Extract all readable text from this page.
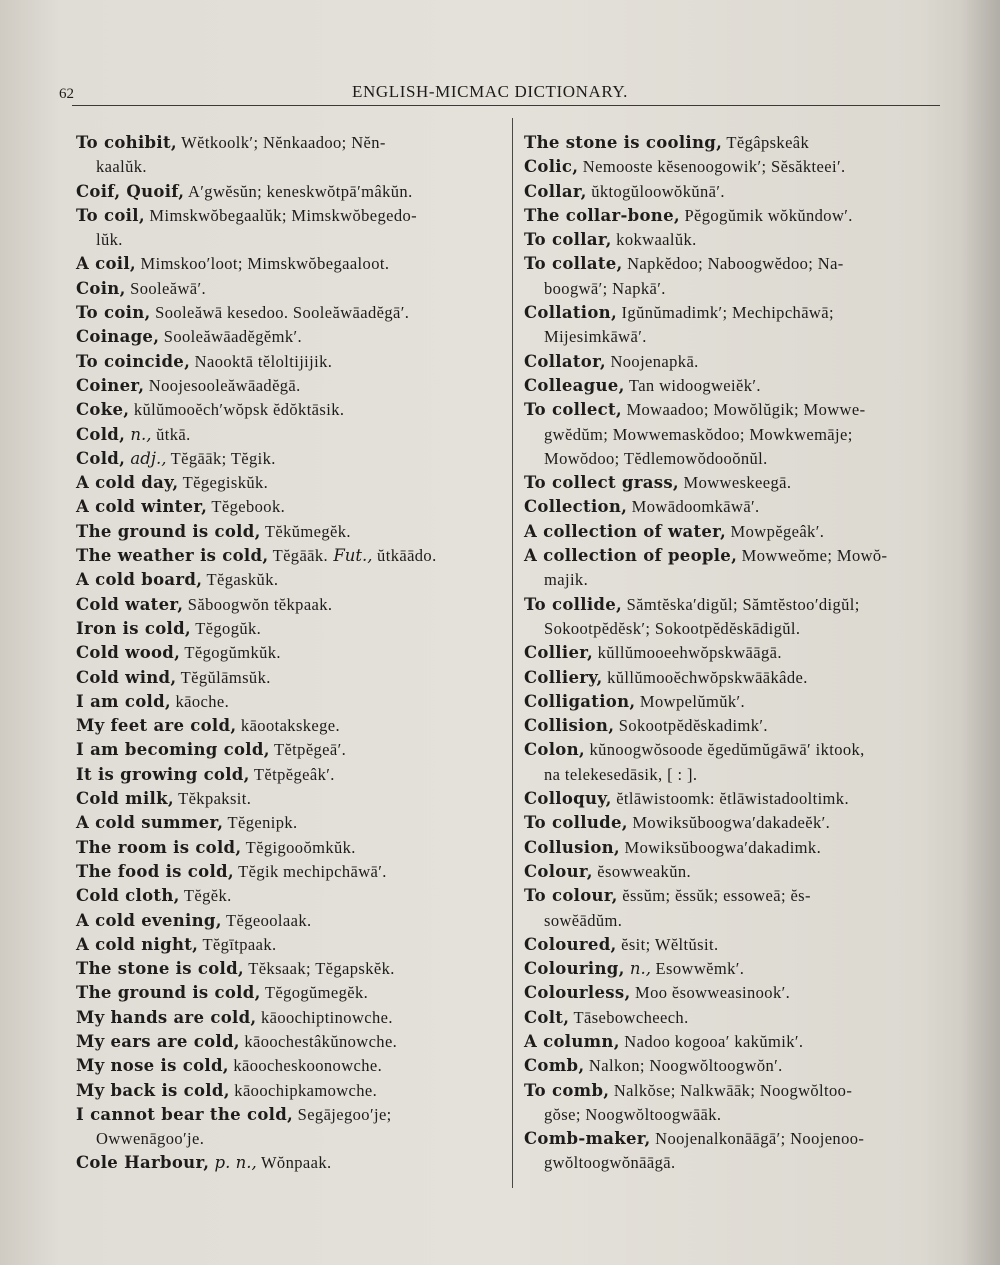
62	ENGLISH-MICMAC DICTIONARY.
To cohibit, Wĕtkoolk′; Nĕnkaadoo; Nĕn-
kaalŭk.
Coif, Quoif, A′gwĕsŭn; keneskwŏtpā′mâkŭn.
To coil, Mimskwŏbegaalŭk; Mimskwŏbegedo-
lŭk.
A coil, Mimskoo′loot; Mimskwŏbegaaloot.
Coin, Sooleăwā′.
To coin, Sooleăwā kesedoo. Sooleăwāadĕgā′.
Coinage, Sooleăwāadĕgĕmk′.
To coincide, Naooktā tĕloltijijik.
Coiner, Noojesooleăwāadĕgā.
Coke, kŭlŭmooĕch′wŏpsk ĕdŏktāsik.
Cold, n., ŭtkā.
Cold, adj., Tĕgāāk; Tĕgik.
A cold day, Tĕgegiskŭk.
A cold winter, Tĕgebook.
The ground is cold, Tĕkŭmegĕk.
The weather is cold, Tĕgāāk. Fut., ŭtkāādo.
A cold board, Tĕgaskŭk.
Cold water, Săboogwŏn tĕkpaak.
Iron is cold, Tĕgogŭk.
Cold wood, Tĕgogŭmkŭk.
Cold wind, Tĕgŭlāmsŭk.
I am cold, kāoche.
My feet are cold, kāootakskege.
I am becoming cold, Tĕtpĕgeā′.
It is growing cold, Tĕtpĕgeâk′.
Cold milk, Tĕkpaksit.
A cold summer, Tĕgenipk.
The room is cold, Tĕgigooŏmkŭk.
The food is cold, Tĕgik mechipchāwā′.
Cold cloth, Tĕgĕk.
A cold evening, Tĕgeoolaak.
A cold night, Tĕgītpaak.
The stone is cold, Tĕksaak; Tĕgapskĕk.
The ground is cold, Tĕgogŭmegĕk.
My hands are cold, kāoochiptinowche.
My ears are cold, kāoochestâkŭnowche.
My nose is cold, kāoocheskoonowche.
My back is cold, kāoochipkamowche.
I cannot bear the cold, Segājegoo′je;
Owwenāgoo′je.
Cole Harbour, p. n., Wŏnpaak.
The stone is cooling, Tĕgâpskeâk
Colic, Nemooste kĕsenoogowik′; Sĕsăkteei′.
Collar, ŭktogŭloowŏkŭnā′.
The collar-bone, Pĕgogŭmik wŏkŭndow′.
To collar, kokwaalŭk.
To collate, Napkĕdoo; Naboogwĕdoo; Na-
boogwā′; Napkā′.
Collation, Igŭnŭmadimk′; Mechipchāwā;
Mijesimkāwā′.
Collator, Noojenapkā.
Colleague, Tan widoogweiĕk′.
To collect, Mowaadoo; Mowŏlŭgik; Mowwe-
gwĕdŭm; Mowwemaskŏdoo; Mowkwemāje;
Mowŏdoo; Tĕdlemowŏdooŏnŭl.
To collect grass, Mowweskeegā.
Collection, Mowādoomkāwā′.
A collection of water, Mowpĕgeâk′.
A collection of people, Mowweŏme; Mowŏ-
majik.
To collide, Sămtĕska′digŭl; Sămtĕstoo′digŭl;
Sokootpĕdĕsk′; Sokootpĕdĕskādigŭl.
Collier, kŭllŭmooeehwŏpskwāāgā.
Colliery, kŭllŭmooĕchwŏpskwāākâde.
Colligation, Mowpelŭmŭk′.
Collision, Sokootpĕdĕskadimk′.
Colon, kŭnoogwŏsoode ĕgedŭmŭgāwā′ iktook,
na telekesedāsik, [ : ].
Colloquy, ĕtlāwistoomk: ĕtlāwistadooltimk.
To collude, Mowiksŭboogwa′dakadeĕk′.
Collusion, Mowiksŭboogwa′dakadimk.
Colour, ĕsowweakŭn.
To colour, ĕssŭm; ĕssŭk; essoweā; ĕs-
sowĕādŭm.
Coloured, ĕsit; Wĕltŭsit.
Colouring, n., Esowwĕmk′.
Colourless, Moo ĕsowweasinook′.
Colt, Tāsebowcheech.
A column, Nadoo kogooa′ kakŭmik′.
Comb, Nalkon; Noogwŏltoogwŏn′.
To comb, Nalkŏse; Nalkwāāk; Noogwŏltoo-
gŏse; Noogwŏltoogwāāk.
Comb-maker, Noojenalkonāāgā′; Noojenoo-
gwŏltoogwŏnāāgā.
